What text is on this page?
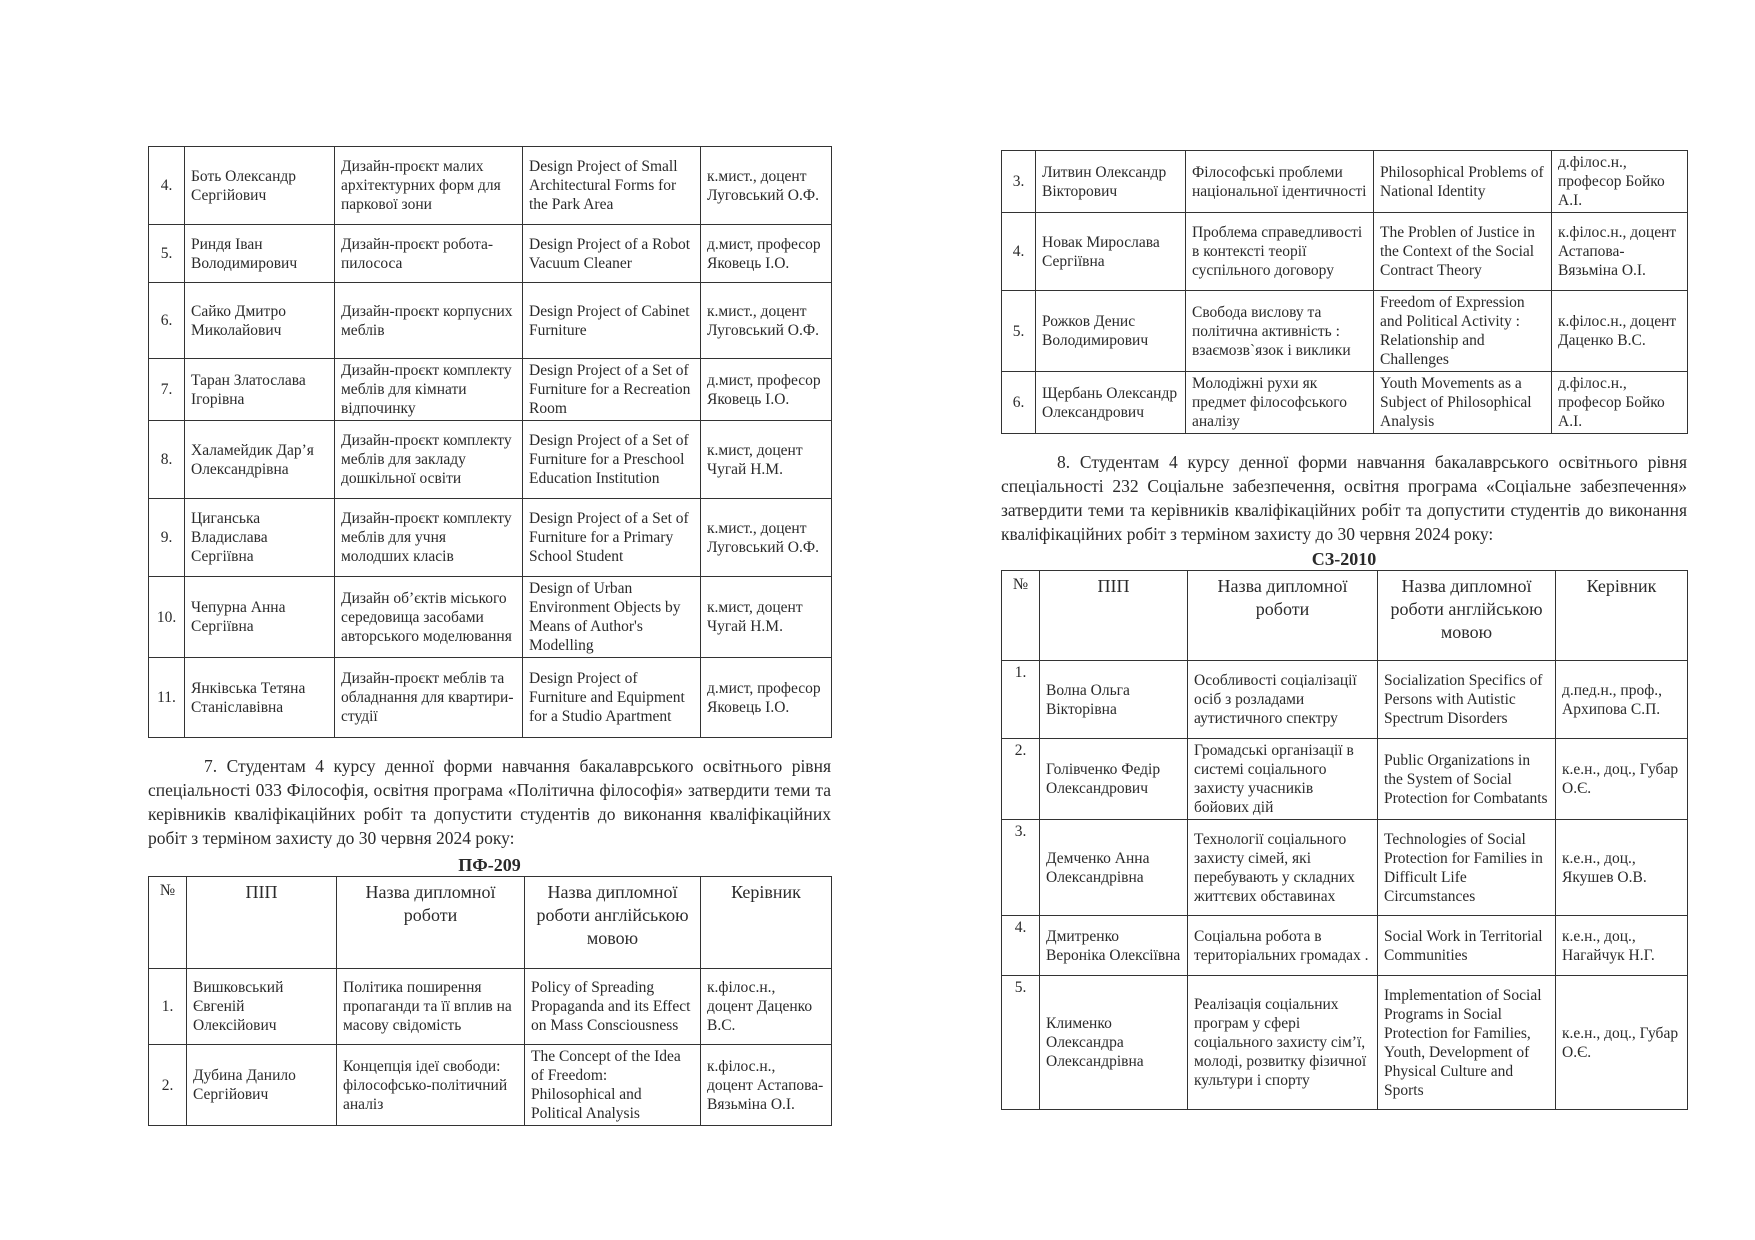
4.	Боть Олександр Сергійович	Дизайн-проєкт малих архітектурних форм для паркової зони	Design Project of Small Architectural Forms for the Park Area	к.мист., доцент Луговський О.Ф.
5.	Риндя Іван Володимирович	Дизайн-проєкт робота-пилососа	Design Project of a Robot Vacuum Cleaner	д.мист, професор Яковець І.О.
6.	Сайко Дмитро Миколайович	Дизайн-проєкт корпусних меблів	Design Project of Cabinet Furniture	к.мист., доцент Луговський О.Ф.
7.	Таран Златослава Ігорівна	Дизайн-проєкт комплекту меблів для кімнати відпочинку	Design Project of a Set of Furniture for a Recreation Room	д.мист, професор Яковець І.О.
8.	Халамейдик Дар’я Олександрівна	Дизайн-проєкт комплекту меблів для закладу дошкільної освіти	Design Project of a Set of Furniture for a Preschool Education Institution	к.мист, доцент Чугай Н.М.
9.	Циганська Владислава Сергіївна	Дизайн-проєкт комплекту меблів для учня молодших класів	Design Project of a Set of Furniture for a Primary School Student	к.мист., доцент Луговський О.Ф.
10.	Чепурна Анна Сергіївна	Дизайн об’єктів міського середовища засобами авторського моделювання	Design of Urban Environment Objects by Means of Author's Modelling	к.мист, доцент Чугай Н.М.
11.	Янківська Тетяна Станіславівна	Дизайн-проєкт меблів та обладнання для квартири-студії	Design Project of Furniture and Equipment for a Studio Apartment	д.мист, професор Яковець І.О.

7. Студентам 4 курсу денної форми навчання бакалаврського освітнього рівня спеціальності 033 Філософія, освітня програма «Політична філософія» затвердити теми та керівників кваліфікаційних робіт та допустити студентів до виконання кваліфікаційних робіт з терміном захисту до 30 червня 2024 року:

ПФ-209

№	ПІП	Назва дипломної роботи	Назва дипломної роботи англійською мовою	Керівник
1.	Вишковський Євгеній Олексійович	Політика поширення пропаганди та її вплив на масову свідомість	Policy of Spreading Propaganda and its Effect on Mass Consciousness	к.філос.н., доцент Даценко В.С.
2.	Дубина Данило Сергійович	Концепція ідеї свободи: філософсько-політичний аналіз	The Concept of the Idea of Freedom: Philosophical and Political Analysis	к.філос.н., доцент Астапова-Вязьміна О.І.
3.	Литвин Олександр Вікторович	Філософські проблеми національної ідентичності	Philosophical Problems of National Identity	д.філос.н., професор Бойко А.І.
4.	Новак Мирослава Сергіївна	Проблема справедливості в контексті теорії суспільного договору	The Problen of Justice in the Context of the Social Contract Theory	к.філос.н., доцент Астапова-Вязьміна О.І.
5.	Рожков Денис Володимирович	Свобода вислову та політична активність : взаємозв`язок і виклики	Freedom of Expression and Political Activity : Relationship and Challenges	к.філос.н., доцент Даценко В.С.
6.	Щербань Олександр Олександрович	Молодіжні рухи як предмет філософського аналізу	Youth Movements as a Subject of Philosophical Analysis	д.філос.н., професор Бойко А.І.

8. Студентам 4 курсу денної форми навчання бакалаврського освітнього рівня спеціальності 232 Соціальне забезпечення, освітня програма «Соціальне забезпечення» затвердити теми та керівників кваліфікаційних робіт та допустити студентів до виконання кваліфікаційних робіт з терміном захисту до 30 червня 2024 року:

СЗ-2010

№	ПІП	Назва дипломної роботи	Назва дипломної роботи англійською мовою	Керівник
1.	Волна Ольга Вікторівна	Особливості соціалізації осіб з розладами аутистичного спектру	Socialization Specifics of Persons with Autistic Spectrum Disorders	д.пед.н., проф., Архипова С.П.
2.	Голівченко Федір Олександрович	Громадські організації в системі соціального захисту учасників бойових дій	Public Organizations in the System of Social Protection for Combatants	к.е.н., доц., Губар О.Є.
3.	Демченко Анна Олександрівна	Технології соціального захисту сімей, які перебувають у складних життєвих обставинах	Technologies of Social Protection for Families in Difficult Life Circumstances	к.е.н., доц., Якушев О.В.
4.	Дмитренко Вероніка Олексіївна	Соціальна робота в територіальних громадах .	Social Work in Territorial Communities	к.е.н., доц., Нагайчук Н.Г.
5.	Клименко Олександра Олександрівна	Реалізація соціальних програм у сфері соціального захисту сім’ї, молоді, розвитку фізичної культури і спорту	Implementation of Social Programs in Social Protection for Families, Youth, Development of Physical Culture and Sports	к.е.н., доц., Губар О.Є.
